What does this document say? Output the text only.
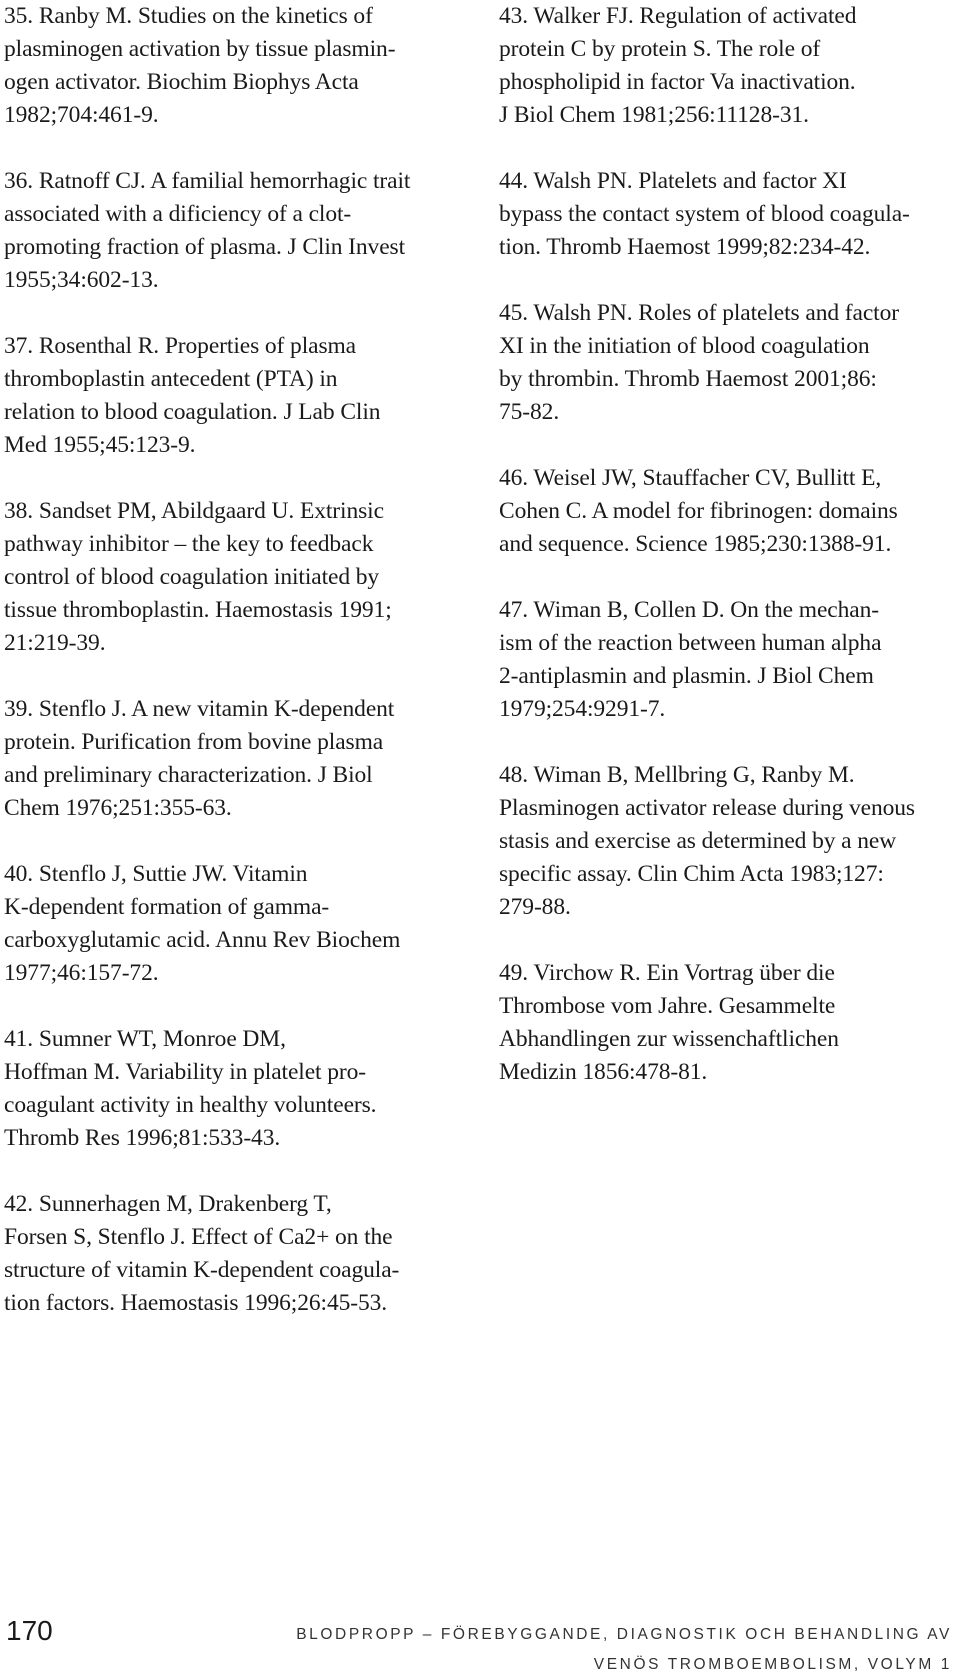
35. Ranby M. Studies on the kinetics of
plasminogen activation by tissue plasmin-
ogen activator. Biochim Biophys Acta
1982;704:461-9.
36. Ratnoff CJ. A familial hemorrhagic trait
associated with a dificiency of a clot-
promoting fraction of plasma. J Clin Invest
1955;34:602-13.
37. Rosenthal R. Properties of plasma
thromboplastin antecedent (PTA) in
relation to blood coagulation. J Lab Clin
Med 1955;45:123-9.
38. Sandset PM, Abildgaard U. Extrinsic
pathway inhibitor – the key to feedback
control of blood coagulation initiated by
tissue thromboplastin. Haemostasis 1991;
21:219-39.
39. Stenflo J. A new vitamin K-dependent
protein. Purification from bovine plasma
and preliminary characterization. J Biol
Chem 1976;251:355-63.
40. Stenflo J, Suttie JW. Vitamin
K-dependent formation of gamma-
carboxyglutamic acid. Annu Rev Biochem
1977;46:157-72.
41. Sumner WT, Monroe DM,
Hoffman M. Variability in platelet pro-
coagulant activity in healthy volunteers.
Thromb Res 1996;81:533-43.
42. Sunnerhagen M, Drakenberg T,
Forsen S, Stenflo J. Effect of Ca2+ on the
structure of vitamin K-dependent coagula-
tion factors. Haemostasis 1996;26:45-53.
43. Walker FJ. Regulation of activated
protein C by protein S. The role of
phospholipid in factor Va inactivation.
J Biol Chem 1981;256:11128-31.
44. Walsh PN. Platelets and factor XI
bypass the contact system of blood coagula-
tion. Thromb Haemost 1999;82:234-42.
45. Walsh PN. Roles of platelets and factor
XI in the initiation of blood coagulation
by thrombin. Thromb Haemost 2001;86:
75-82.
46. Weisel JW, Stauffacher CV, Bullitt E,
Cohen C. A model for fibrinogen: domains
and sequence. Science 1985;230:1388-91.
47. Wiman B, Collen D. On the mechan-
ism of the reaction between human alpha
2-antiplasmin and plasmin. J Biol Chem
1979;254:9291-7.
48. Wiman B, Mellbring G, Ranby M.
Plasminogen activator release during venous
stasis and exercise as determined by a new
specific assay. Clin Chim Acta 1983;127:
279-88.
49. Virchow R. Ein Vortrag über die
Thrombose vom Jahre. Gesammelte
Abhandlingen zur wissenchaftlichen
Medizin 1856:478-81.
170	BLODPROPP – FÖREBYGGANDE, DIAGNOSTIK OCH BEHANDLING AV
VENÖS TROMBOEMBOLISM, VOLYM 1
